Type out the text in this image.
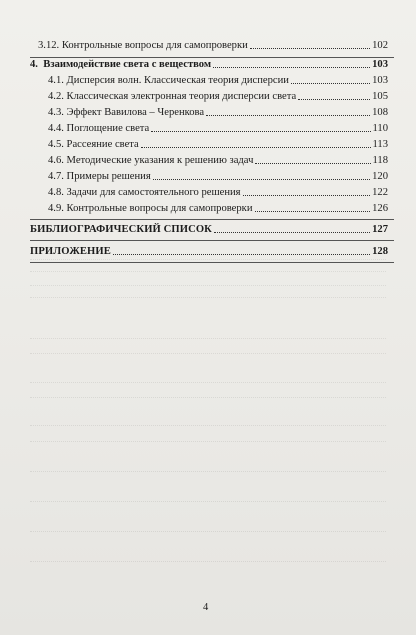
3.12. Контрольные вопросы для самопроверки	102
4. Взаимодействие света с веществом	103
4.1. Дисперсия волн. Классическая теория дисперсии	103
4.2. Классическая электронная теория дисперсии света	105
4.3. Эффект Вавилова – Черенкова	108
4.4. Поглощение света	110
4.5. Рассеяние света	113
4.6. Методические указания к решению задач	118
4.7. Примеры решения	120
4.8. Задачи для самостоятельного решения	122
4.9. Контрольные вопросы для самопроверки	126
БИБЛИОГРАФИЧЕСКИЙ СПИСОК	127
ПРИЛОЖЕНИЕ	128
4
